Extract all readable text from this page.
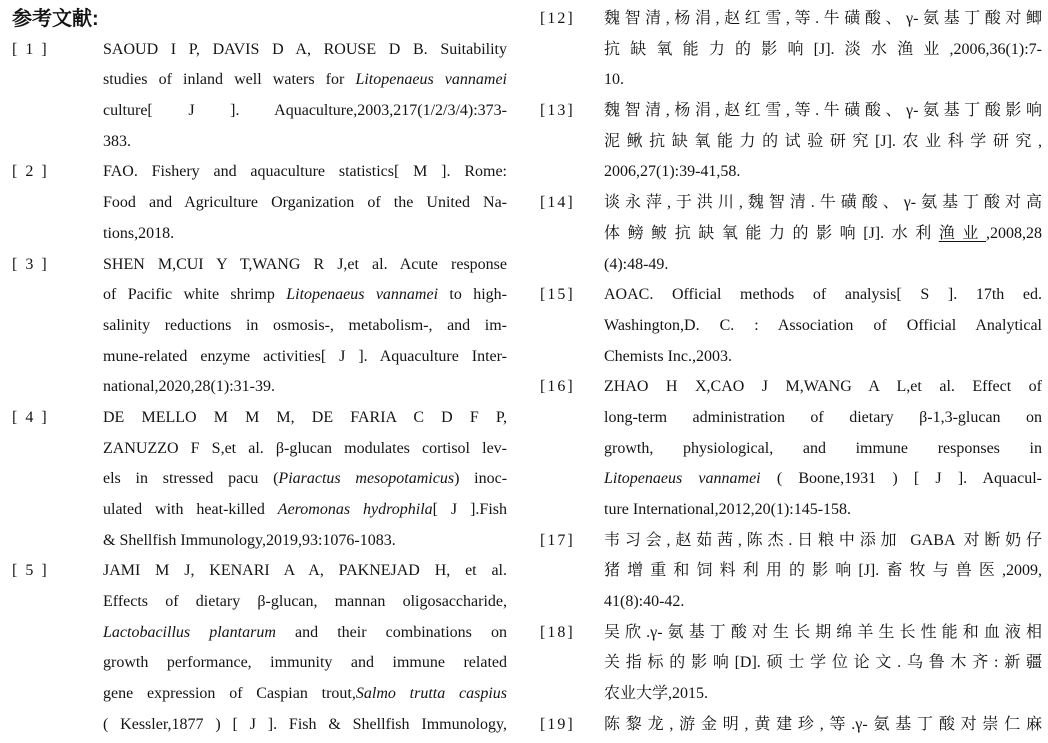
参考文献:
[ 1 ]	SAOUD I P, DAVIS D A, ROUSE D B. Suitability
studies of inland well waters for Litopenaeus vannamei
culture[ J ]. Aquaculture,2003,217(1/2/3/4):373-
383.
[ 2 ]	FAO. Fishery and aquaculture statistics[ M ]. Rome:
Food and Agriculture Organization of the United Na-
tions,2018.
[ 3 ]	SHEN M,CUI Y T,WANG R J,et al. Acute response
of Pacific white shrimp Litopenaeus vannamei to high-
salinity reductions in osmosis-, metabolism-, and im-
mune-related enzyme activities[ J ]. Aquaculture Inter-
national,2020,28(1):31-39.
[ 4 ]	DE MELLO M M M, DE FARIA C D F P,
ZANUZZO F S,et al. β-glucan modulates cortisol lev-
els in stressed pacu (Piaractus mesopotamicus) inoc-
ulated with heat-killed Aeromonas hydrophila[ J ].Fish
& Shellfish Immunology,2019,93:1076-1083.
[ 5 ]	JAMI M J, KENARI A A, PAKNEJAD H, et al.
Effects of dietary β-glucan, mannan oligosaccharide,
Lactobacillus plantarum and their combinations on
growth performance, immunity and immune related
gene expression of Caspian trout,Salmo trutta caspius
( Kessler,1877 ) [ J ]. Fish & Shellfish Immunology,
[12] 魏智清,杨涓,赵红雪,等.牛磺酸、γ-氨基丁酸对鲫
抗缺氧能力的影响[J].淡水渔业,2006,36(1):7-
10.
[13] 魏智清,杨涓,赵红雪,等.牛磺酸、γ-氨基丁酸影响
泥鳅抗缺氧能力的试验研究[J].农业科学研究,
2006,27(1):39-41,58.
[14] 谈永萍,于洪川,魏智清.牛磺酸、γ-氨基丁酸对高
体鳑鲏抗缺氧能力的影响[J].水利渔业,2008,28
(4):48-49.
[15] AOAC. Official methods of analysis[ S ]. 17th ed.
Washington,D. C. : Association of Official Analytical
Chemists Inc.,2003.
[16] ZHAO H X,CAO J M,WANG A L,et al. Effect of
long-term administration of dietary β-1,3-glucan on
growth, physiological, and immune responses in
Litopenaeus vannamei ( Boone,1931 ) [ J ]. Aquacul-
ture International,2012,20(1):145-158.
[17] 韦习会,赵茹茜,陈杰.日粮中添加 GABA 对断奶仔
猪增重和饲料利用的影响[J].畜牧与兽医,2009,
41(8):40-42.
[18] 吴欣.γ-氨基丁酸对生长期绵羊生长性能和血液相
关指标的影响[D].硕士学位论文.乌鲁木齐:新疆
农业大学,2015.
[19] 陈黎龙,游金明,黄建珍,等.γ-氨基丁酸对崇仁麻
